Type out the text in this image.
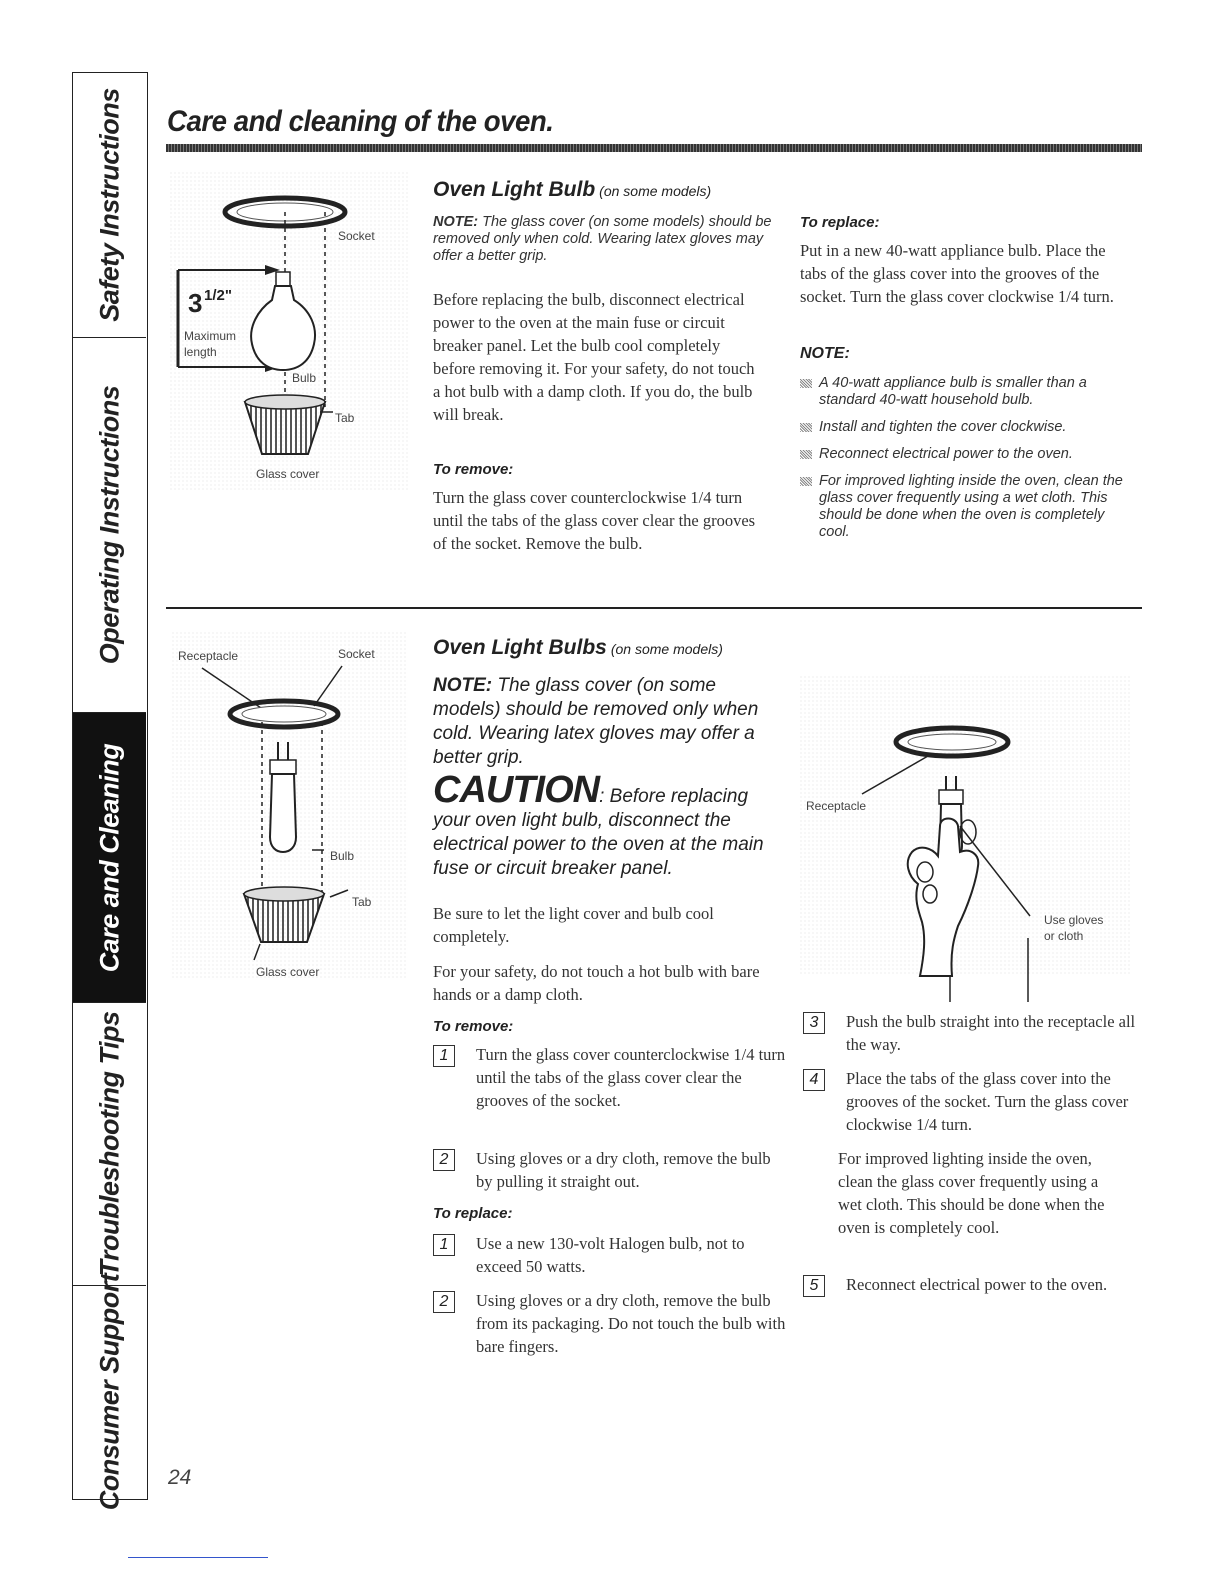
Safety Instructions
Operating Instructions
Care and Cleaning
Troubleshooting Tips
Consumer Support
Care and cleaning of the oven.
Socket
3 1/2"
Maximum
length
Bulb
Tab
Glass cover
Oven Light Bulb (on some models)

NOTE: The glass cover (on some models) should be removed only when cold. Wearing latex gloves may offer a better grip.

Before replacing the bulb, disconnect electrical power to the oven at the main fuse or circuit breaker panel. Let the bulb cool completely before removing it. For your safety, do not touch a hot bulb with a damp cloth. If you do, the bulb will break.

To remove:

Turn the glass cover counterclockwise 1/4 turn until the tabs of the glass cover clear the grooves of the socket. Remove the bulb.

To replace:

Put in a new 40-watt appliance bulb. Place the tabs of the glass cover into the grooves of the socket. Turn the glass cover clockwise 1/4 turn.

NOTE:
A 40-watt appliance bulb is smaller than a standard 40-watt household bulb.
Install and tighten the cover clockwise.
Reconnect electrical power to the oven.
For improved lighting inside the oven, clean the glass cover frequently using a wet cloth. This should be done when the oven is completely cool.
Receptacle	Socket
Bulb
Tab
Glass cover
Oven Light Bulbs (on some models)

NOTE: The glass cover (on some models) should be removed only when cold. Wearing latex gloves may offer a better grip.

CAUTION: Before replacing your oven light bulb, disconnect the electrical power to the oven at the main fuse or circuit breaker panel.

Be sure to let the light cover and bulb cool completely.

For your safety, do not touch a hot bulb with bare hands or a damp cloth.

To remove:

1	Turn the glass cover counterclockwise 1/4 turn until the tabs of the glass cover clear the grooves of the socket.

2	Using gloves or a dry cloth, remove the bulb by pulling it straight out.

To replace:

1	Use a new 130-volt Halogen bulb, not to exceed 50 watts.

2	Using gloves or a dry cloth, remove the bulb from its packaging. Do not touch the bulb with bare fingers.

Receptacle
Use gloves
or cloth

3	Push the bulb straight into the receptacle all the way.

4	Place the tabs of the glass cover into the grooves of the socket. Turn the glass cover clockwise 1/4 turn.

For improved lighting inside the oven, clean the glass cover frequently using a wet cloth. This should be done when the oven is completely cool.

5	Reconnect electrical power to the oven.

24
